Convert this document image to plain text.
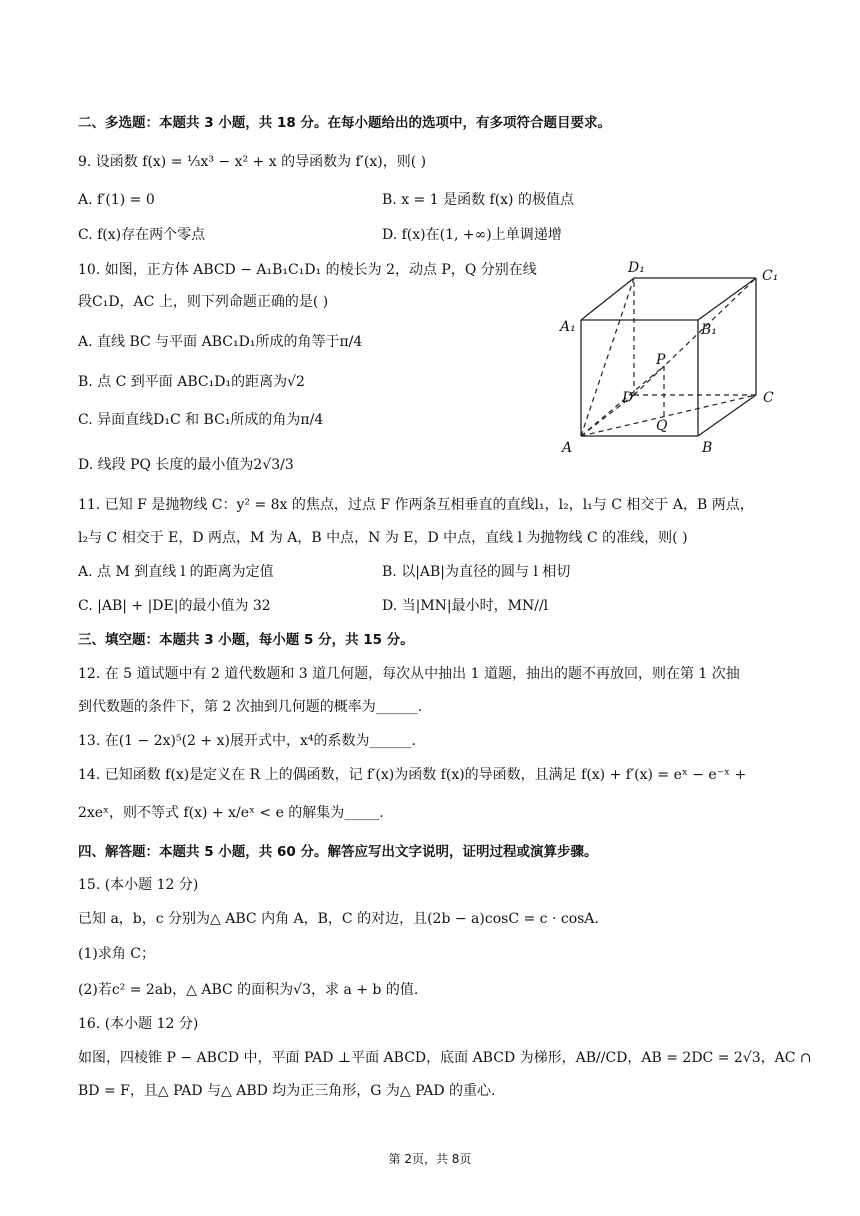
二、多选题：本题共 3 小题，共 18 分。在每小题给出的选项中，有多项符合题目要求。
9. 设函数 f(x) = ⅓x³ − x² + x 的导函数为 f′(x)，则( )
A. f′(1) = 0	B. x = 1 是函数 f(x) 的极值点
C. f(x)存在两个零点	D. f(x)在(1, +∞)上单调递增
10. 如图，正方体 ABCD − A₁B₁C₁D₁ 的棱长为 2，动点 P，Q 分别在线
段C₁D，AC 上，则下列命题正确的是( )
A. 直线 BC 与平面 ABC₁D₁所成的角等于π/4
B. 点 C 到平面 ABC₁D₁的距离为√2
C. 异面直线D₁C 和 BC₁所成的角为π/4
D. 线段 PQ 长度的最小值为2√3/3
D₁	C₁
A₁	B₁
P
D	C
Q
A	B
11. 已知 F 是抛物线 C：y² = 8x 的焦点，过点 F 作两条互相垂直的直线l₁，l₂，l₁与 C 相交于 A，B 两点，
l₂与 C 相交于 E，D 两点，M 为 A，B 中点，N 为 E，D 中点，直线 l 为抛物线 C 的准线，则( )
A. 点 M 到直线 l 的距离为定值	B. 以|AB|为直径的圆与 l 相切
C. |AB| + |DE|的最小值为 32	D. 当|MN|最小时，MN//l
三、填空题：本题共 3 小题，每小题 5 分，共 15 分。
12. 在 5 道试题中有 2 道代数题和 3 道几何题，每次从中抽出 1 道题，抽出的题不再放回，则在第 1 次抽
到代数题的条件下，第 2 次抽到几何题的概率为______.
13. 在(1 − 2x)⁵(2 + x)展开式中，x⁴的系数为______.
14. 已知函数 f(x)是定义在 R 上的偶函数，记 f′(x)为函数 f(x)的导函数，且满足 f(x) + f′(x) = eˣ − e⁻ˣ +
2xeˣ，则不等式 f(x) + x/eˣ < e 的解集为_____.
四、解答题：本题共 5 小题，共 60 分。解答应写出文字说明，证明过程或演算步骤。
15. (本小题 12 分)
已知 a，b，c 分别为△ ABC 内角 A，B，C 的对边，且(2b − a)cosC = c · cosA.
(1)求角 C；
(2)若c² = 2ab，△ ABC 的面积为√3，求 a + b 的值.
16. (本小题 12 分)
如图，四棱锥 P − ABCD 中，平面 PAD ⊥平面 ABCD，底面 ABCD 为梯形，AB//CD，AB = 2DC = 2√3，AC ∩
BD = F，且△ PAD 与△ ABD 均为正三角形，G 为△ PAD 的重心.
第 2页，共 8页
